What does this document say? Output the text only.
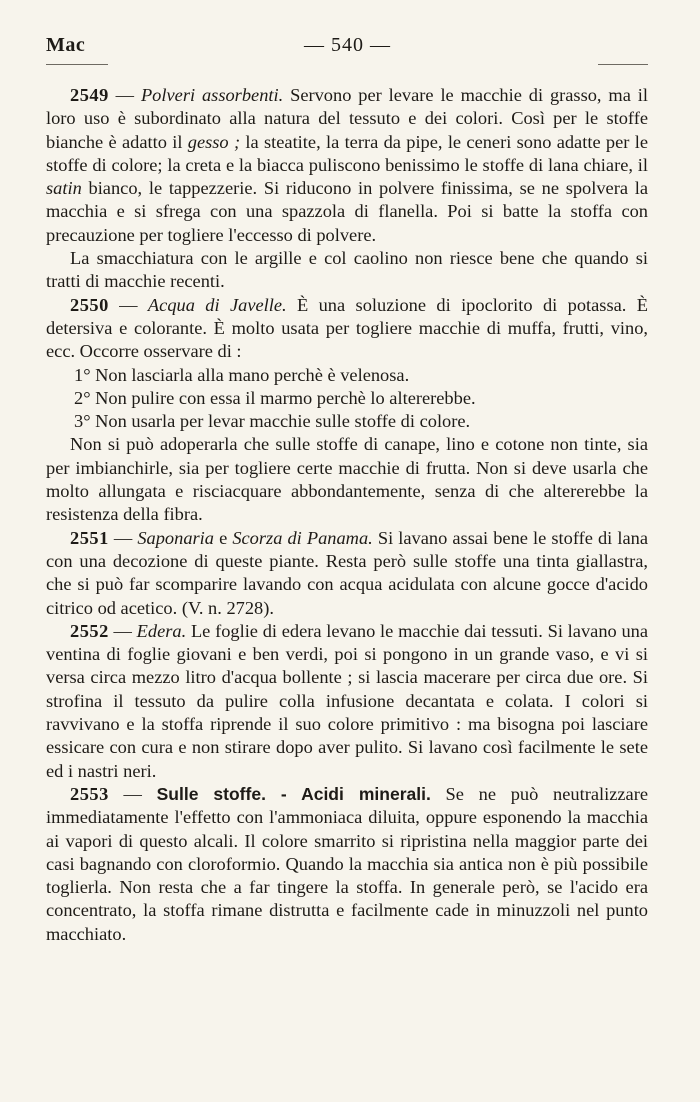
Mac	— 540 —

2549 — Polveri assorbenti. Servono per levare le macchie di grasso, ma il loro uso è subordinato alla natura del tessuto e dei colori. Così per le stoffe bianche è adatto il gesso ; la steatite, la terra da pipe, le ceneri sono adatte per le stoffe di colore; la creta e la biacca puliscono benissimo le stoffe di lana chiare, il satin bianco, le tappezzerie. Si riducono in polvere finissima, se ne spolvera la macchia e si sfrega con una spazzola di flanella. Poi si batte la stoffa con precauzione per togliere l'eccesso di polvere.

La smacchiatura con le argille e col caolino non riesce bene che quando si tratti di macchie recenti.

2550 — Acqua di Javelle. È una soluzione di ipoclorito di potassa. È detersiva e colorante. È molto usata per togliere macchie di muffa, frutti, vino, ecc. Occorre osservare di :

1° Non lasciarla alla mano perchè è velenosa.

2° Non pulire con essa il marmo perchè lo altererebbe.

3° Non usarla per levar macchie sulle stoffe di colore.

Non si può adoperarla che sulle stoffe di canape, lino e cotone non tinte, sia per imbianchirle, sia per togliere certe macchie di frutta. Non si deve usarla che molto allungata e risciacquare abbondantemente, senza di che altererebbe la resistenza della fibra.

2551 — Saponaria e Scorza di Panama. Si lavano assai bene le stoffe di lana con una decozione di queste piante. Resta però sulle stoffe una tinta giallastra, che si può far scomparire lavando con acqua acidulata con alcune gocce d'acido citrico od acetico. (V. n. 2728).

2552 — Edera. Le foglie di edera levano le macchie dai tessuti. Si lavano una ventina di foglie giovani e ben verdi, poi si pongono in un grande vaso, e vi si versa circa mezzo litro d'acqua bollente ; si lascia macerare per circa due ore. Si strofina il tessuto da pulire colla infusione decantata e colata. I colori si ravvivano e la stoffa riprende il suo colore primitivo : ma bisogna poi lasciare essicare con cura e non stirare dopo aver pulito. Si lavano così facilmente le sete ed i nastri neri.

2553 — Sulle stoffe. - Acidi minerali. Se ne può neutralizzare immediatamente l'effetto con l'ammoniaca diluita, oppure esponendo la macchia ai vapori di questo alcali. Il colore smarrito si ripristina nella maggior parte dei casi bagnando con cloroformio. Quando la macchia sia antica non è più possibile toglierla. Non resta che a far tingere la stoffa. In generale però, se l'acido era concentrato, la stoffa rimane distrutta e facilmente cade in minuzzoli nel punto macchiato.
